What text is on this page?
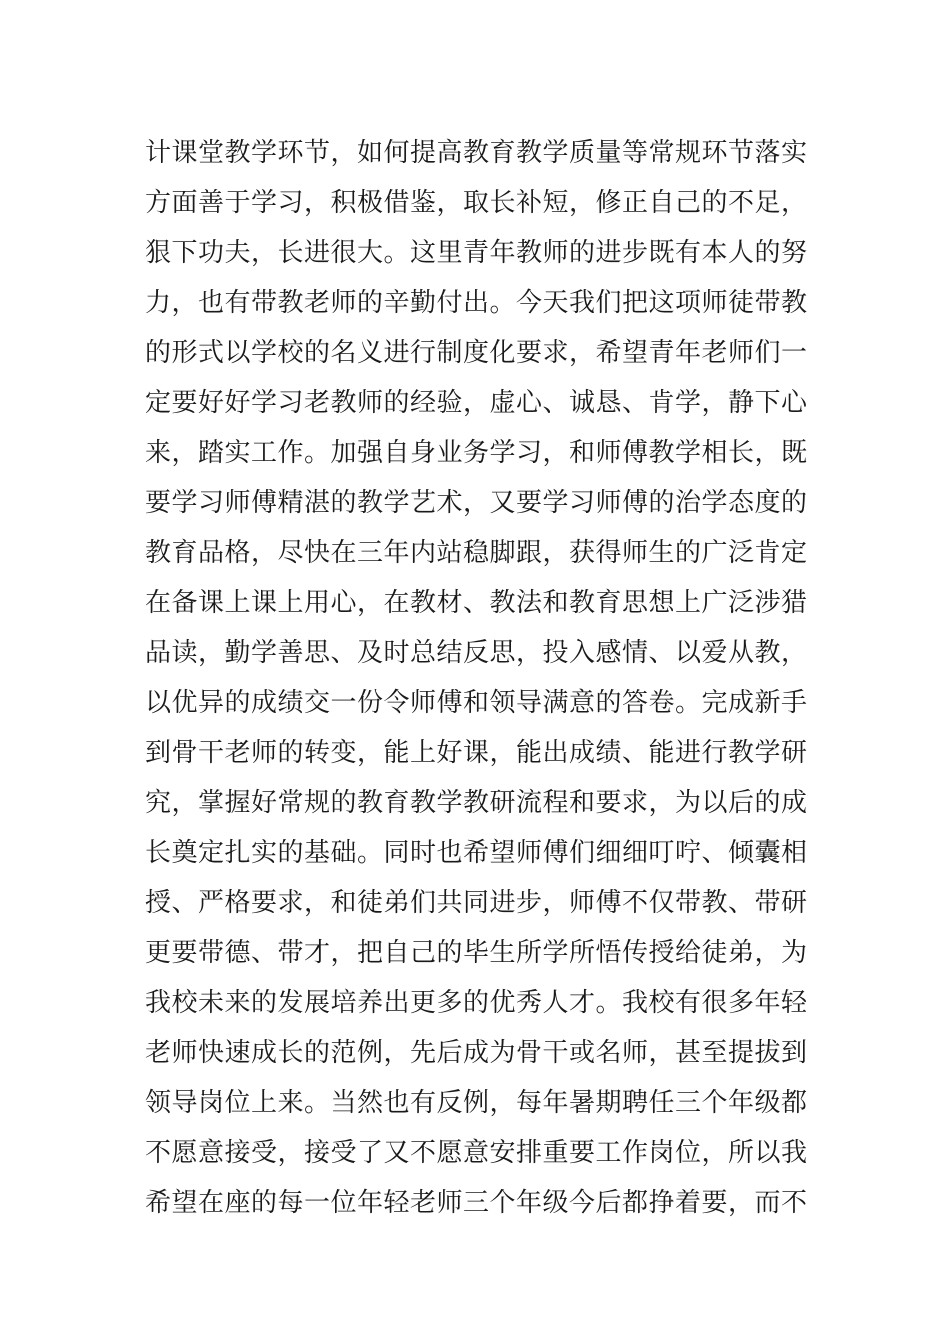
计课堂教学环节，如何提高教育教学质量等常规环节落实
方面善于学习，积极借鉴，取长补短，修正自己的不足，
狠下功夫，长进很大。这里青年教师的进步既有本人的努
力，也有带教老师的辛勤付出。今天我们把这项师徒带教
的形式以学校的名义进行制度化要求，希望青年老师们一
定要好好学习老教师的经验，虚心、诚恳、肯学，静下心
来，踏实工作。加强自身业务学习，和师傅教学相长，既
要学习师傅精湛的教学艺术，又要学习师傅的治学态度的
教育品格，尽快在三年内站稳脚跟，获得师生的广泛肯定
在备课上课上用心，在教材、教法和教育思想上广泛涉猎
品读，勤学善思、及时总结反思，投入感情、以爱从教，
以优异的成绩交一份令师傅和领导满意的答卷。完成新手
到骨干老师的转变，能上好课，能出成绩、能进行教学研
究，掌握好常规的教育教学教研流程和要求，为以后的成
长奠定扎实的基础。同时也希望师傅们细细叮咛、倾囊相
授、严格要求，和徒弟们共同进步，师傅不仅带教、带研
更要带德、带才，把自己的毕生所学所悟传授给徒弟，为
我校未来的发展培养出更多的优秀人才。我校有很多年轻
老师快速成长的范例，先后成为骨干或名师，甚至提拔到
领导岗位上来。当然也有反例，每年暑期聘任三个年级都
不愿意接受，接受了又不愿意安排重要工作岗位，所以我
希望在座的每一位年轻老师三个年级今后都挣着要，而不
